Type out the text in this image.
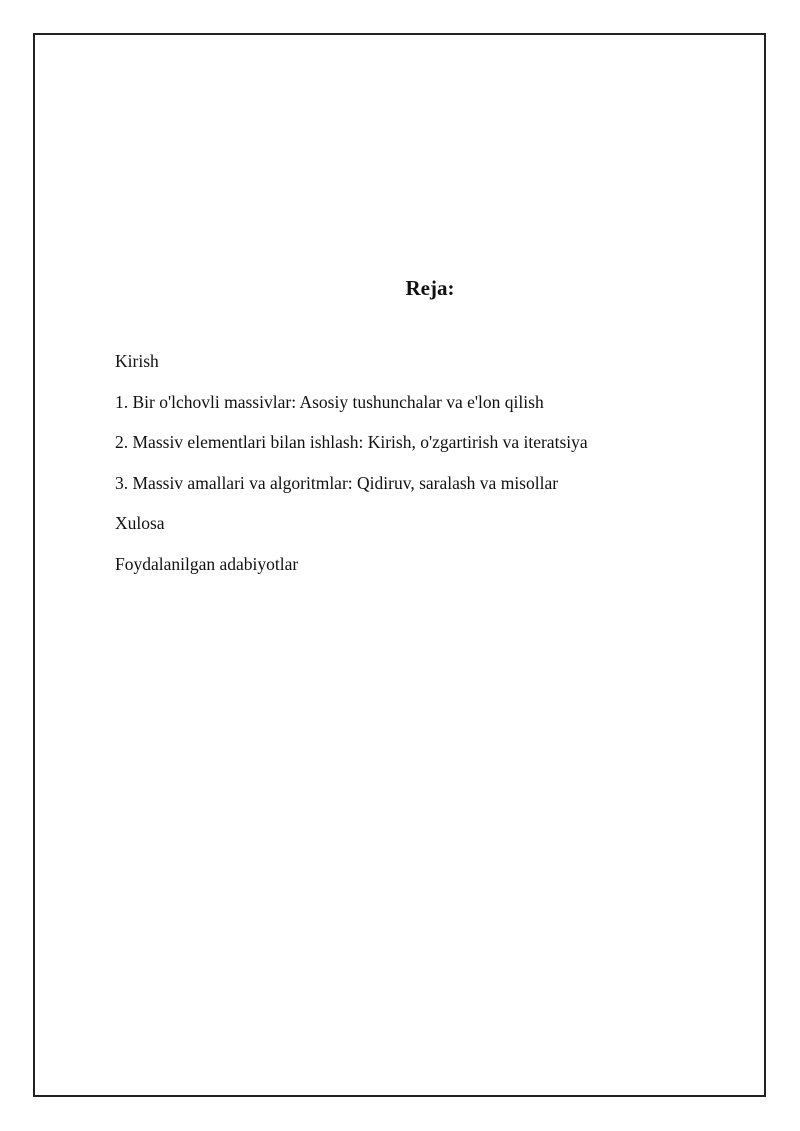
Reja:
Kirish
1. Bir o'lchovli massivlar: Asosiy tushunchalar va e'lon qilish
2. Massiv elementlari bilan ishlash: Kirish, o'zgartirish va iteratsiya
3. Massiv amallari va algoritmlar: Qidiruv, saralash va misollar
Xulosa
Foydalanilgan adabiyotlar
